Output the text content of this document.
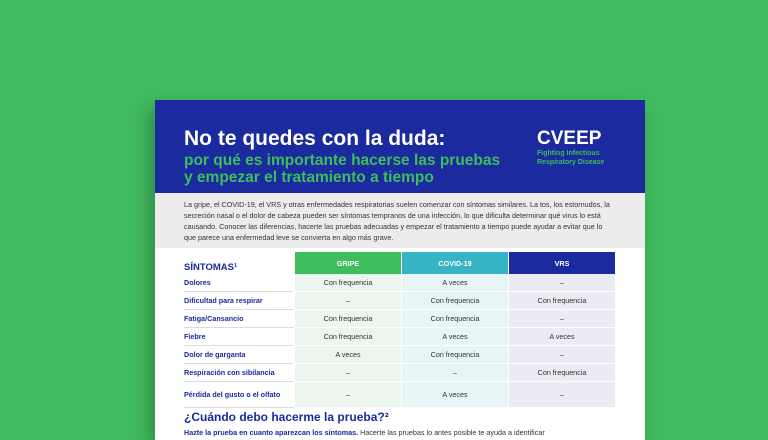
No te quedes con la duda:
por qué es importante hacerse las pruebas
y empezar el tratamiento a tiempo
CVEEP
Fighting Infectious
Respiratory Disease
La gripe, el COVID-19, el VRS y otras enfermedades respiratorias suelen comenzar con síntomas similares. La tos, los estornudos, la secreción nasal o el dolor de cabeza pueden ser síntomas tempranos de una infección, lo que dificulta determinar qué virus lo está causando. Conocer las diferencias, hacerte las pruebas adecuadas y empezar el tratamiento a tiempo puede ayudar a evitar que lo que parece una enfermedad leve se convierta en algo más grave.
SÍNTOMAS¹	GRIPE	COVID-19	VRS
Dolores	Con frequencia	A veces	–
Dificultad para respirar	–	Con frequencia	Con frequencia
Fatiga/Cansancio	Con frequencia	Con frequencia	–
Fiebre	Con frequencia	A veces	A veces
Dolor de garganta	A veces	Con frequencia	–
Respiración con sibilancia	–	–	Con frequencia
Pérdida del gusto o el olfato	–	A veces	–
¿Cuándo debo hacerme la prueba?²
Hazte la prueba en cuanto aparezcan los síntomas. Hacerte las pruebas lo antes posible te ayuda a identificar
